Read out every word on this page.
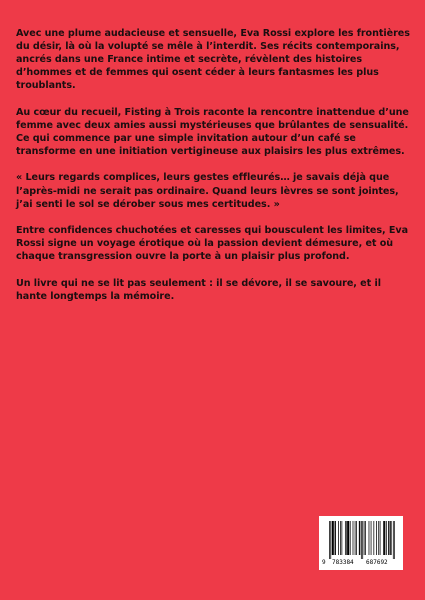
Avec une plume audacieuse et sensuelle, Eva Rossi explore les frontières du désir, là où la volupté se mêle à l’interdit. Ses récits contemporains, ancrés dans une France intime et secrète, révèlent des histoires d’hommes et de femmes qui osent céder à leurs fantasmes les plus troublants.

Au cœur du recueil, Fisting à Trois raconte la rencontre inattendue d’une femme avec deux amies aussi mystérieuses que brûlantes de sensualité. Ce qui commence par une simple invitation autour d’un café se transforme en une initiation vertigineuse aux plaisirs les plus extrêmes.

« Leurs regards complices, leurs gestes effleurés… je savais déjà que l’après-midi ne serait pas ordinaire. Quand leurs lèvres se sont jointes, j’ai senti le sol se dérober sous mes certitudes. »

Entre confidences chuchotées et caresses qui bousculent les limites, Eva Rossi signe un voyage érotique où la passion devient démesure, et où chaque transgression ouvre la porte à un plaisir plus profond.

Un livre qui ne se lit pas seulement : il se dévore, il se savoure, et il hante longtemps la mémoire.

9 783384 687692
